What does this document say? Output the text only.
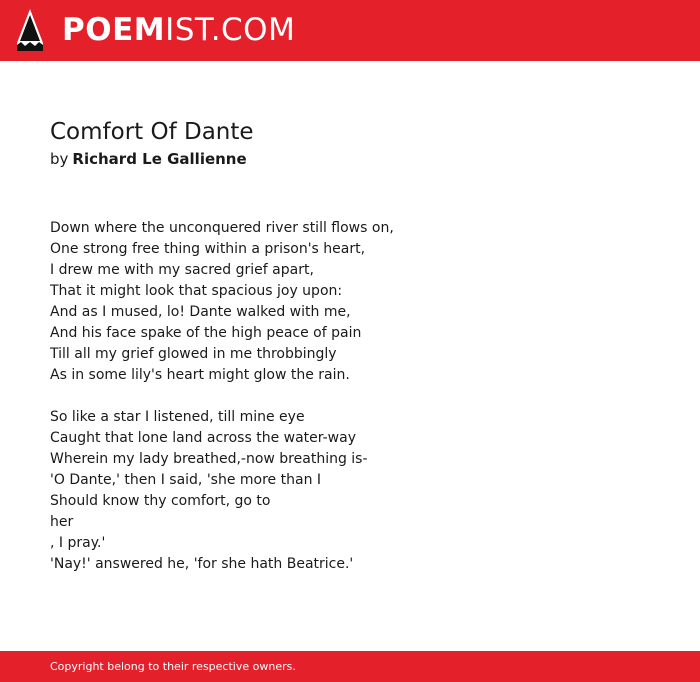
POEMIST.COM
Comfort Of Dante
by Richard Le Gallienne
Down where the unconquered river still flows on,
One strong free thing within a prison's heart,
I drew me with my sacred grief apart,
That it might look that spacious joy upon:
And as I mused, lo! Dante walked with me,
And his face spake of the high peace of pain
Till all my grief glowed in me throbbingly
As in some lily's heart might glow the rain.
So like a star I listened, till mine eye
Caught that lone land across the water-way
Wherein my lady breathed,-now breathing is-
'O Dante,' then I said, 'she more than I
Should know thy comfort, go to
her
, I pray.'
'Nay!' answered he, 'for she hath Beatrice.'
Copyright belong to their respective owners.
